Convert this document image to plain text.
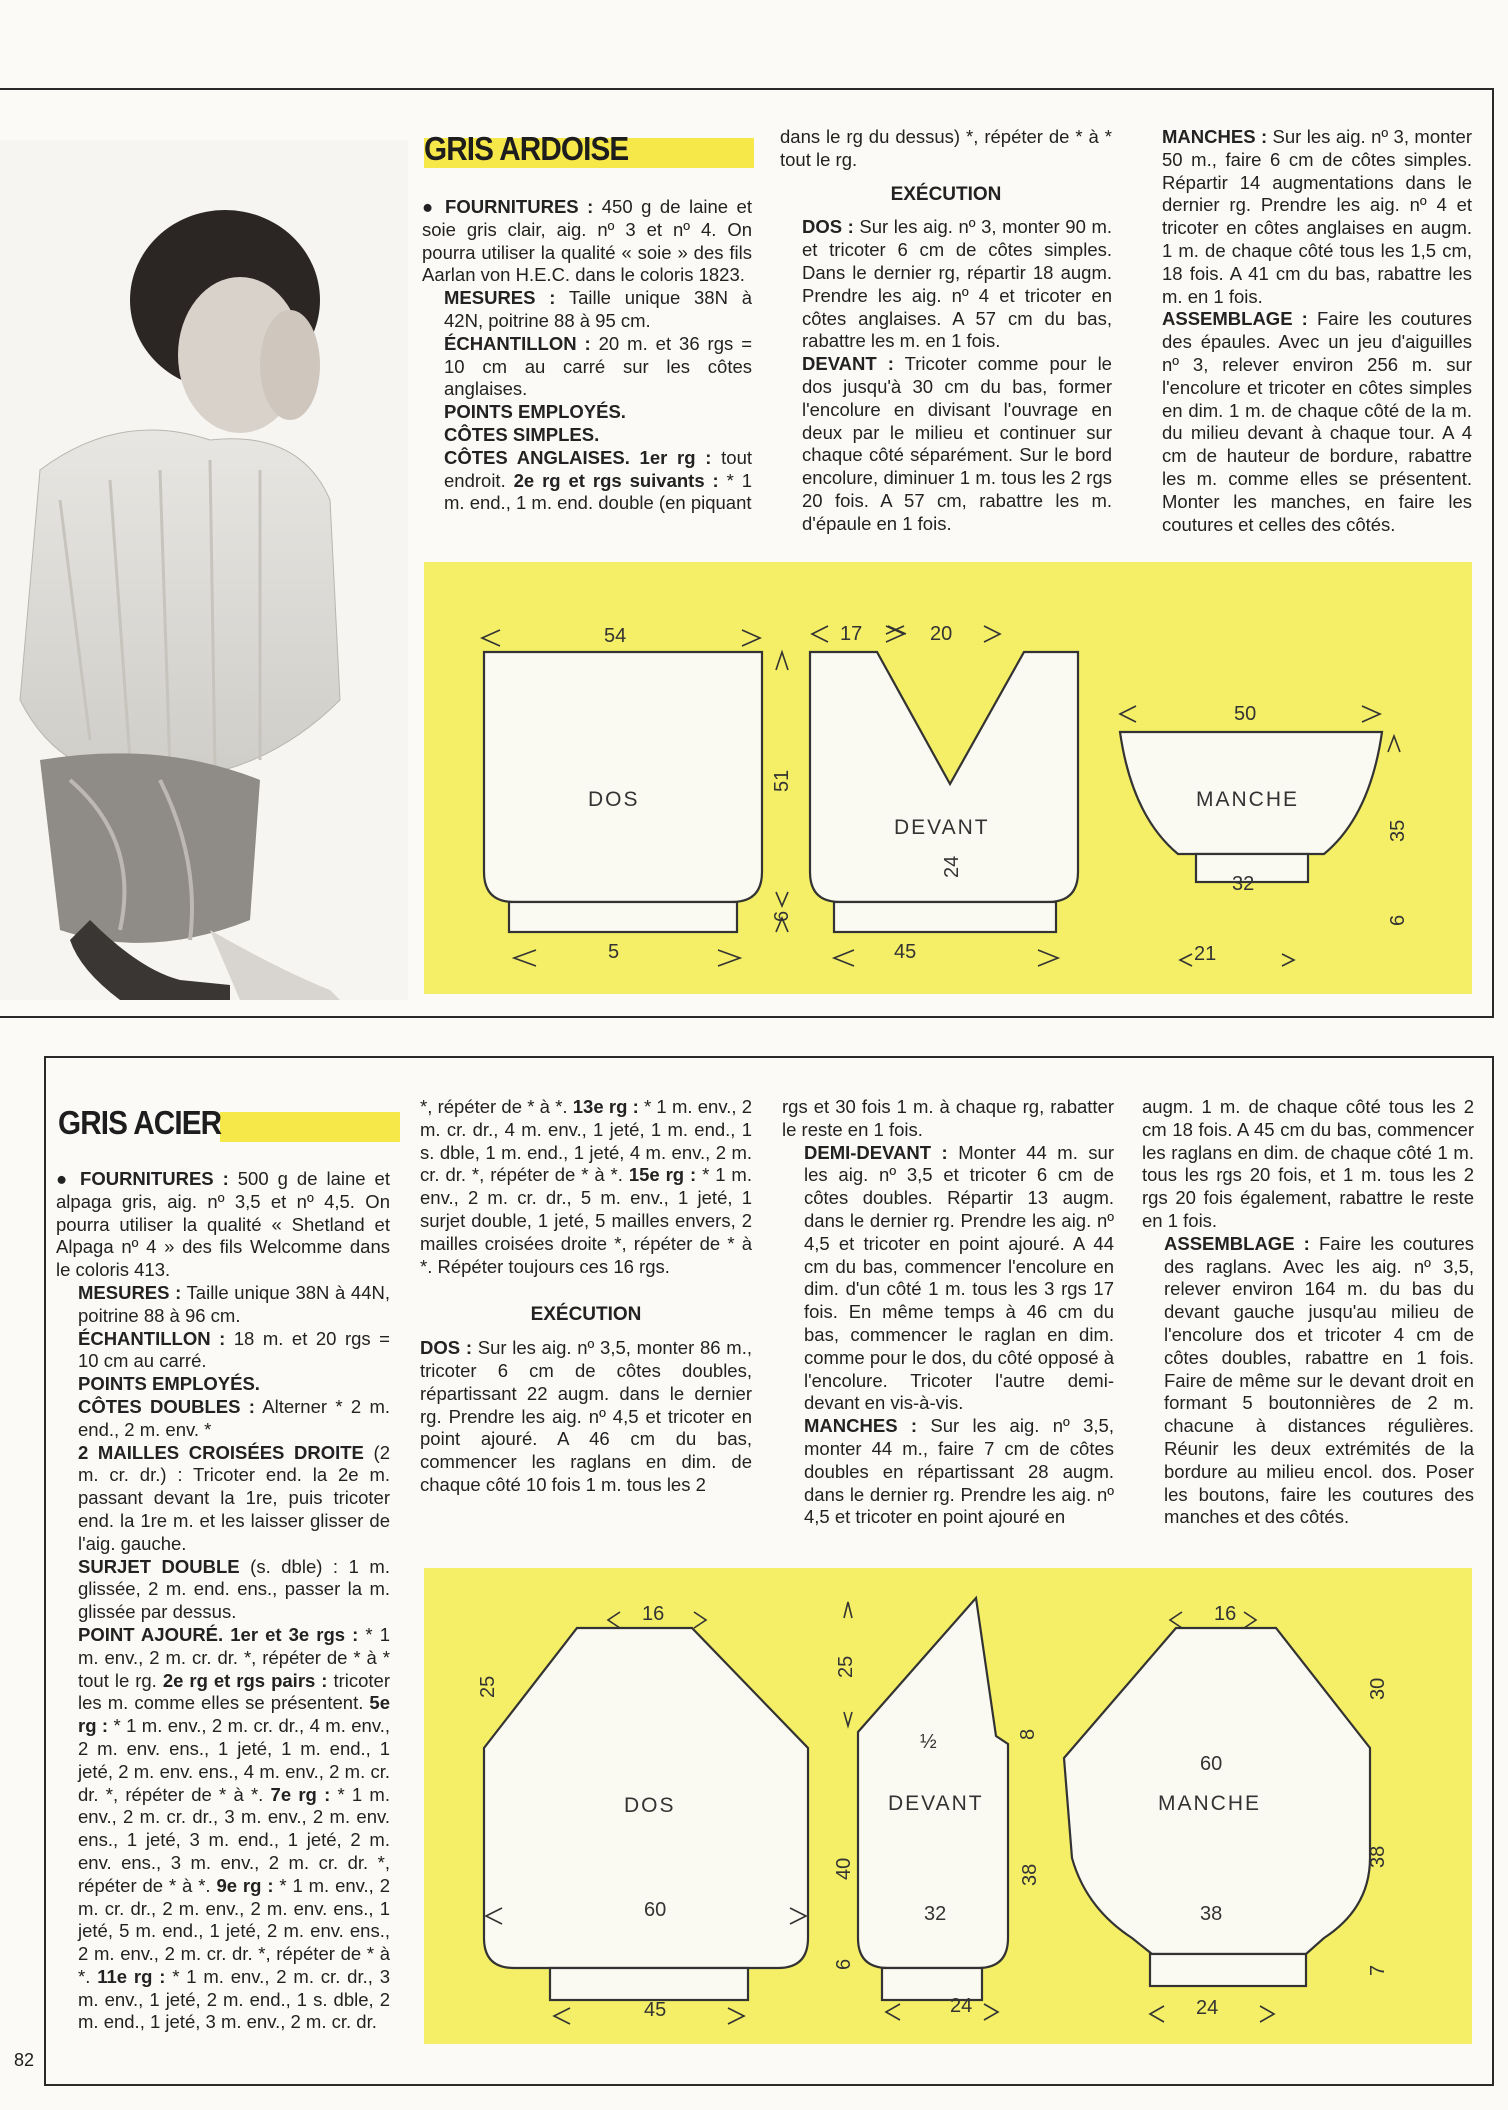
GRIS ARDOISE

● FOURNITURES : 450 g de laine et soie gris clair, aig. nº 3 et nº 4. On pourra utiliser la qualité « soie » des fils Aarlan von H.E.C. dans le coloris 1823.

MESURES : Taille unique 38N à 42N, poitrine 88 à 95 cm.

ÉCHANTILLON : 20 m. et 36 rgs = 10 cm au carré sur les côtes anglaises.

POINTS EMPLOYÉS.

CÔTES SIMPLES.

CÔTES ANGLAISES. 1er rg : tout endroit. 2e rg et rgs suivants : * 1 m. end., 1 m. end. double (en piquant

dans le rg du dessus) *, répéter de * à * tout le rg.

EXÉCUTION

DOS : Sur les aig. nº 3, monter 90 m. et tricoter 6 cm de côtes simples. Dans le dernier rg, répartir 18 augm. Prendre les aig. nº 4 et tricoter en côtes anglaises. A 57 cm du bas, rabattre les m. en 1 fois.

DEVANT : Tricoter comme pour le dos jusqu'à 30 cm du bas, former l'encolure en divisant l'ouvrage en deux par le milieu et continuer sur chaque côté séparément. Sur le bord encolure, diminuer 1 m. tous les 2 rgs 20 fois. A 57 cm, rabattre les m. d'épaule en 1 fois.

MANCHES : Sur les aig. nº 3, monter 50 m., faire 6 cm de côtes simples. Répartir 14 augmentations dans le dernier rg. Prendre les aig. nº 4 et tricoter en côtes anglaises en augm. 1 m. de chaque côté tous les 1,5 cm, 18 fois. A 41 cm du bas, rabattre les m. en 1 fois.

ASSEMBLAGE : Faire les coutures des épaules. Avec un jeu d'aiguilles nº 3, relever environ 256 m. sur l'encolure et tricoter en côtes simples en dim. 1 m. de chaque côté de la m. du milieu devant à chaque tour. A 4 cm de hauteur de bordure, rabattre les m. comme elles se présentent. Monter les manches, en faire les coutures et celles des côtés.

DOS
54
51
6
5
DEVANT
17	20
24
45
MANCHE
50
35
32
6
21
GRIS ACIER

● FOURNITURES : 500 g de laine et alpaga gris, aig. nº 3,5 et nº 4,5. On pourra utiliser la qualité « Shetland et Alpaga nº 4 » des fils Welcomme dans le coloris 413.

MESURES : Taille unique 38N à 44N, poitrine 88 à 96 cm.

ÉCHANTILLON : 18 m. et 20 rgs = 10 cm au carré.

POINTS EMPLOYÉS.

CÔTES DOUBLES : Alterner * 2 m. end., 2 m. env. *

2 MAILLES CROISÉES DROITE (2 m. cr. dr.) : Tricoter end. la 2e m. passant devant la 1re, puis tricoter end. la 1re m. et les laisser glisser de l'aig. gauche.

SURJET DOUBLE (s. dble) : 1 m. glissée, 2 m. end. ens., passer la m. glissée par dessus.

POINT AJOURÉ. 1er et 3e rgs : * 1 m. env., 2 m. cr. dr. *, répéter de * à * tout le rg. 2e rg et rgs pairs : tricoter les m. comme elles se présentent. 5e rg : * 1 m. env., 2 m. cr. dr., 4 m. env., 2 m. env. ens., 1 jeté, 1 m. end., 1 jeté, 2 m. env. ens., 4 m. env., 2 m. cr. dr. *, répéter de * à *. 7e rg : * 1 m. env., 2 m. cr. dr., 3 m. env., 2 m. env. ens., 1 jeté, 3 m. end., 1 jeté, 2 m. env. ens., 3 m. env., 2 m. cr. dr. *, répéter de * à *. 9e rg : * 1 m. env., 2 m. cr. dr., 2 m. env., 2 m. env. ens., 1 jeté, 5 m. end., 1 jeté, 2 m. env. ens., 2 m. env., 2 m. cr. dr. *, répéter de * à *. 11e rg : * 1 m. env., 2 m. cr. dr., 3 m. env., 1 jeté, 2 m. end., 1 s. dble, 2 m. end., 1 jeté, 3 m. env., 2 m. cr. dr.

*, répéter de * à *. 13e rg : * 1 m. env., 2 m. cr. dr., 4 m. env., 1 jeté, 1 m. end., 1 s. dble, 1 m. end., 1 jeté, 4 m. env., 2 m. cr. dr. *, répéter de * à *. 15e rg : * 1 m. env., 2 m. cr. dr., 5 m. env., 1 jeté, 1 surjet double, 1 jeté, 5 mailles envers, 2 mailles croisées droite *, répéter de * à *. Répéter toujours ces 16 rgs.

EXÉCUTION

DOS : Sur les aig. nº 3,5, monter 86 m., tricoter 6 cm de côtes doubles, répartissant 22 augm. dans le dernier rg. Prendre les aig. nº 4,5 et tricoter en point ajouré. A 46 cm du bas, commencer les raglans en dim. de chaque côté 10 fois 1 m. tous les 2

rgs et 30 fois 1 m. à chaque rg, rabatter le reste en 1 fois.

DEMI-DEVANT : Monter 44 m. sur les aig. nº 3,5 et tricoter 6 cm de côtes doubles. Répartir 13 augm. dans le dernier rg. Prendre les aig. nº 4,5 et tricoter en point ajouré. A 44 cm du bas, commencer l'encolure en dim. d'un côté 1 m. tous les 3 rgs 17 fois. En même temps à 46 cm du bas, commencer le raglan en dim. comme pour le dos, du côté opposé à l'encolure. Tricoter l'autre demi-devant en vis-à-vis.

MANCHES : Sur les aig. nº 3,5, monter 44 m., faire 7 cm de côtes doubles en répartissant 28 augm. dans le dernier rg. Prendre les aig. nº 4,5 et tricoter en point ajouré en

augm. 1 m. de chaque côté tous les 2 cm 18 fois. A 45 cm du bas, commencer les raglans en dim. de chaque côté 1 m. tous les rgs 20 fois, et 1 m. tous les 2 rgs 20 fois également, rabattre le reste en 1 fois.

ASSEMBLAGE : Faire les coutures des raglans. Avec les aig. nº 3,5, relever environ 164 m. du bas du devant gauche jusqu'au milieu de l'encolure dos et tricoter 4 cm de côtes doubles, rabattre en 1 fois. Faire de même sur le devant droit en formant 5 boutonnières de 2 m. chacune à distances régulières. Réunir les deux extrémités de la bordure au milieu encol. dos. Poser les boutons, faire les coutures des manches et des côtés.

DOS
16
25
60
45
½
DEVANT
25
8
40	38
32
6
24
60
MANCHE
16
30
38
38
7
24
82
